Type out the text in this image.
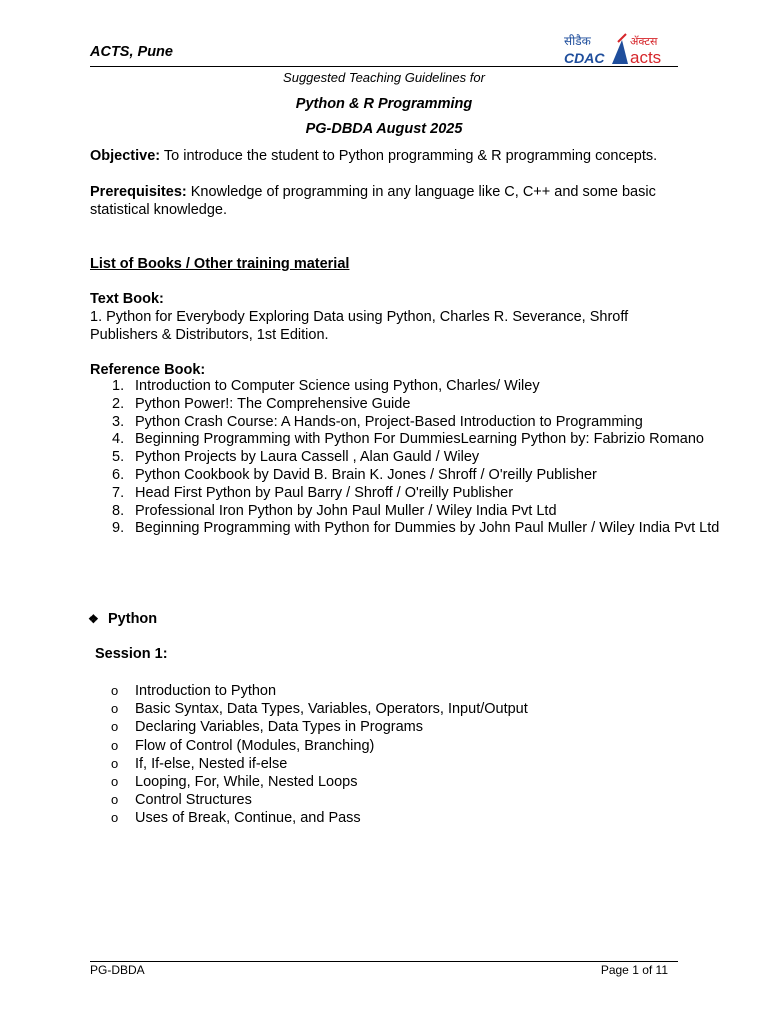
ACTS, Pune
सीडैक
CDAC
ॲक्टस
acts
Suggested Teaching Guidelines for
Python & R Programming
PG-DBDA August 2025
Objective: To introduce the student to Python programming & R programming concepts.
Prerequisites: Knowledge of programming in any language like C, C++ and some basic statistical knowledge.
List of Books / Other training material
Text Book:
1. Python for Everybody Exploring Data using Python, Charles R. Severance, Shroff Publishers & Distributors, 1st Edition.
Reference Book:
1. Introduction to Computer Science using Python, Charles/ Wiley
2. Python Power!: The Comprehensive Guide
3. Python Crash Course: A Hands-on, Project-Based Introduction to Programming
4. Beginning Programming with Python For DummiesLearning Python by: Fabrizio Romano
5. Python Projects by Laura Cassell , Alan Gauld / Wiley
6. Python Cookbook by David B. Brain K. Jones / Shroff / O'reilly Publisher
7. Head First Python by Paul Barry / Shroff / O'reilly Publisher
8. Professional Iron Python by John Paul Muller / Wiley India Pvt Ltd
9. Beginning Programming with Python for Dummies by John Paul Muller / Wiley India Pvt Ltd
❖ Python
Session 1:
o Introduction to Python
o Basic Syntax, Data Types, Variables, Operators, Input/Output
o Declaring Variables, Data Types in Programs
o Flow of Control (Modules, Branching)
o If, If-else, Nested if-else
o Looping, For, While, Nested Loops
o Control Structures
o Uses of Break, Continue, and Pass
PG-DBDA	Page 1 of 11
